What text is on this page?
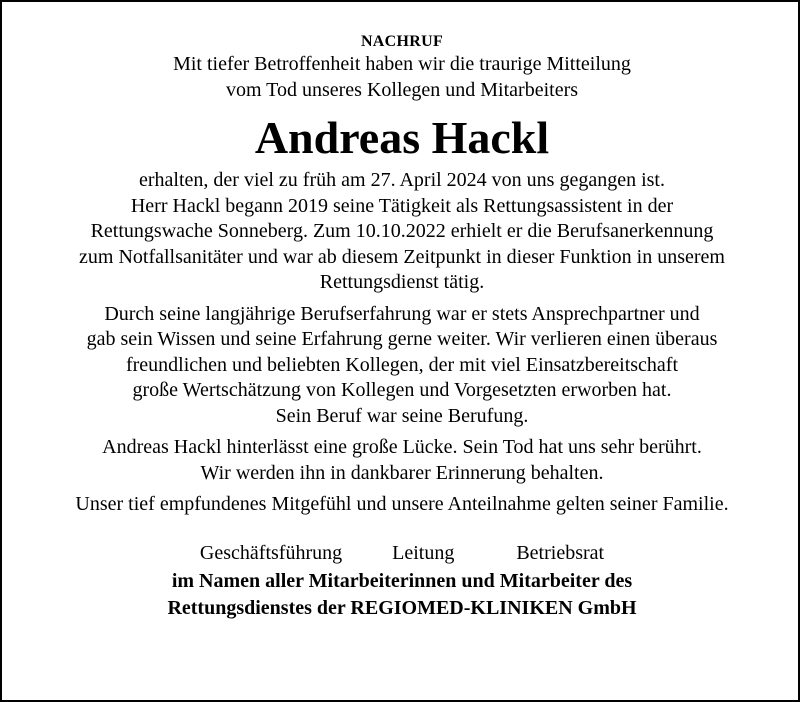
NACHRUF
Mit tiefer Betroffenheit haben wir die traurige Mitteilung
vom Tod unseres Kollegen und Mitarbeiters
Andreas Hackl
erhalten, der viel zu früh am 27. April 2024 von uns gegangen ist.
Herr Hackl begann 2019 seine Tätigkeit als Rettungsassistent in der
Rettungswache Sonneberg. Zum 10.10.2022 erhielt er die Berufsanerkennung
zum Notfallsanitäter und war ab diesem Zeitpunkt in dieser Funktion in unserem
Rettungsdienst tätig.
Durch seine langjährige Berufserfahrung war er stets Ansprechpartner und
gab sein Wissen und seine Erfahrung gerne weiter. Wir verlieren einen überaus
freundlichen und beliebten Kollegen, der mit viel Einsatzbereitschaft
große Wertschätzung von Kollegen und Vorgesetzten erworben hat.
Sein Beruf war seine Berufung.
Andreas Hackl hinterlässt eine große Lücke. Sein Tod hat uns sehr berührt.
Wir werden ihn in dankbarer Erinnerung behalten.
Unser tief empfundenes Mitgefühl und unsere Anteilnahme gelten seiner Familie.
Geschäftsführung	Leitung	Betriebsrat
im Namen aller Mitarbeiterinnen und Mitarbeiter des
Rettungsdienstes der REGIOMED-KLINIKEN GmbH
